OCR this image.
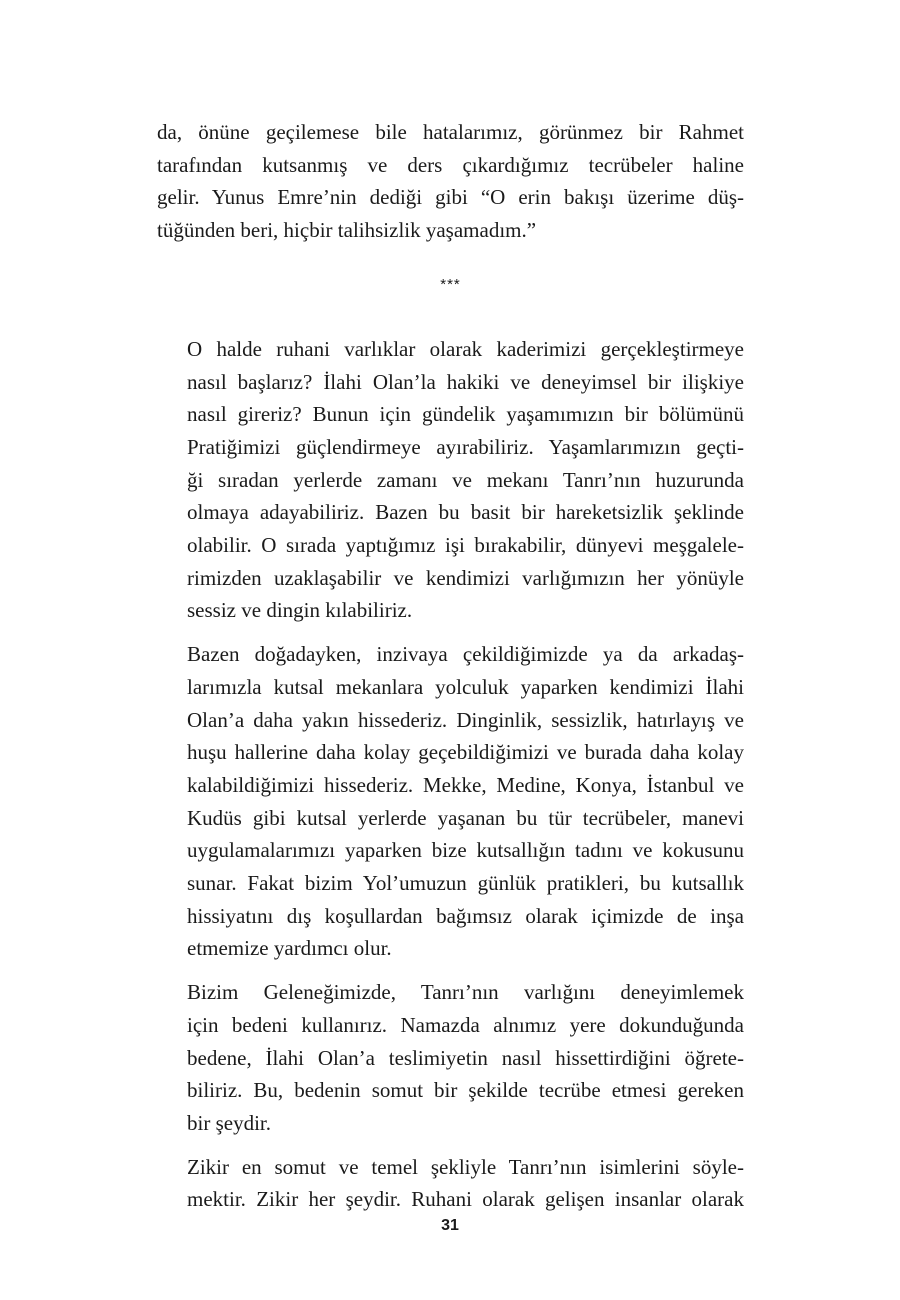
da, önüne geçilemese bile hatalarımız, görünmez bir Rahmet
tarafından kutsanmış ve ders çıkardığımız tecrübeler haline
gelir. Yunus Emre’nin dediği gibi “O erin bakışı üzerime düş-
tüğünden beri, hiçbir talihsizlik yaşamadım.”

***

O halde ruhani varlıklar olarak kaderimizi gerçekleştirmeye
nasıl başlarız? İlahi Olan’la hakiki ve deneyimsel bir ilişkiye
nasıl gireriz? Bunun için gündelik yaşamımızın bir bölümünü
Pratiğimizi güçlendirmeye ayırabiliriz. Yaşamlarımızın geçti-
ği sıradan yerlerde zamanı ve mekanı Tanrı’nın huzurunda
olmaya adayabiliriz. Bazen bu basit bir hareketsizlik şeklinde
olabilir. O sırada yaptığımız işi bırakabilir, dünyevi meşgalele-
rimizden uzaklaşabilir ve kendimizi varlığımızın her yönüyle
sessiz ve dingin kılabiliriz.

Bazen doğadayken, inzivaya çekildiğimizde ya da arkadaş-
larımızla kutsal mekanlara yolculuk yaparken kendimizi İlahi
Olan’a daha yakın hissederiz. Dinginlik, sessizlik, hatırlayış ve
huşu hallerine daha kolay geçebildiğimizi ve burada daha kolay
kalabildiğimizi hissederiz. Mekke, Medine, Konya, İstanbul ve
Kudüs gibi kutsal yerlerde yaşanan bu tür tecrübeler, manevi
uygulamalarımızı yaparken bize kutsallığın tadını ve kokusunu
sunar. Fakat bizim Yol’umuzun günlük pratikleri, bu kutsallık
hissiyatını dış koşullardan bağımsız olarak içimizde de inşa
etmemize yardımcı olur.

Bizim Geleneğimizde, Tanrı’nın varlığını deneyimlemek
için bedeni kullanırız. Namazda alnımız yere dokunduğunda
bedene, İlahi Olan’a teslimiyetin nasıl hissettirdiğini öğrete-
biliriz. Bu, bedenin somut bir şekilde tecrübe etmesi gereken
bir şeydir.

Zikir en somut ve temel şekliyle Tanrı’nın isimlerini söyle-
mektir. Zikir her şeydir. Ruhani olarak gelişen insanlar olarak

31
